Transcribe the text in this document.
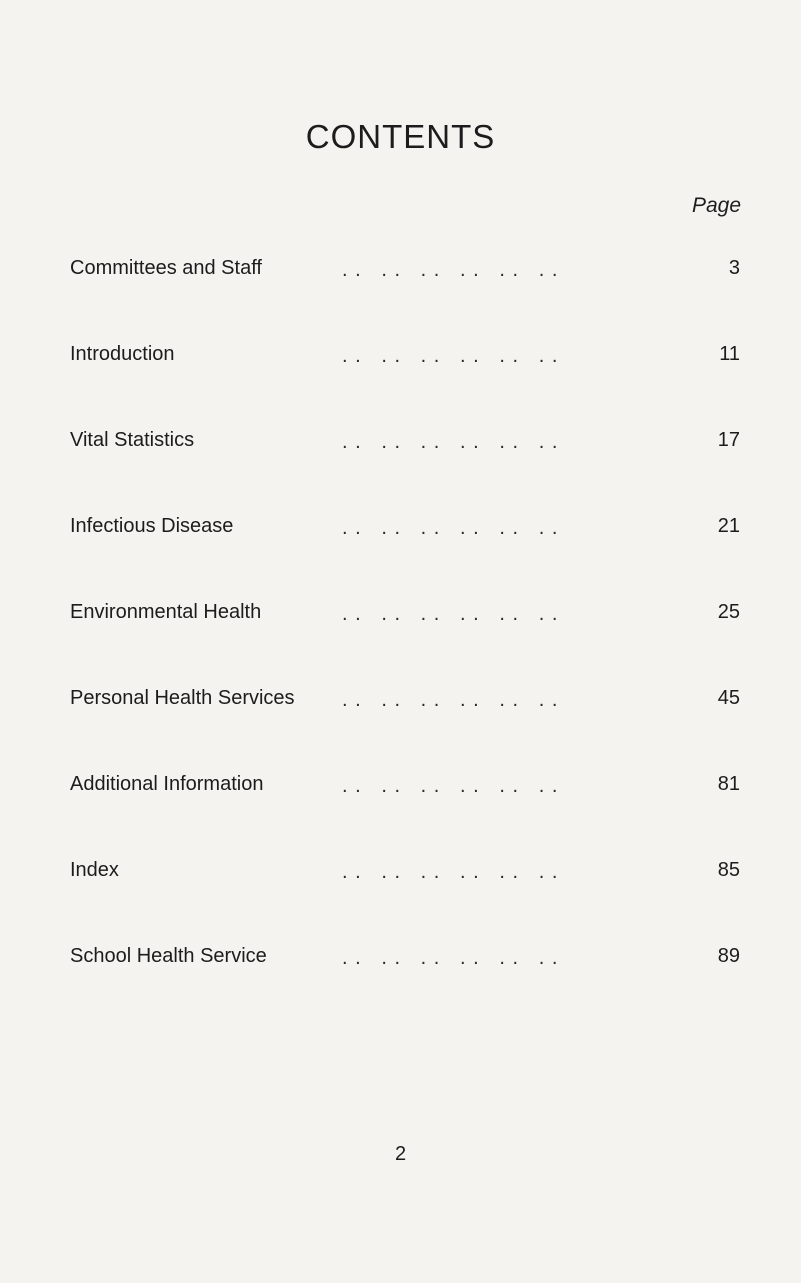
CONTENTS
Page
Committees and Staff	. .   . .   . .   . .   . .   . .	3
Introduction	. .   . .   . .   . .   . .   . .	11
Vital Statistics	. .   . .   . .   . .   . .   . .	17
Infectious Disease	. .   . .   . .   . .   . .   . .	21
Environmental Health	. .   . .   . .   . .   . .   . .	25
Personal Health Services . .   . .   . .   . .   . .   . .	45
Additional Information	. .   . .   . .   . .   . .   . .	81
Index	. .   . .   . .   . .   . .   . .	85
School Health Service	. .   . .   . .   . .   . .   . .	89
2
